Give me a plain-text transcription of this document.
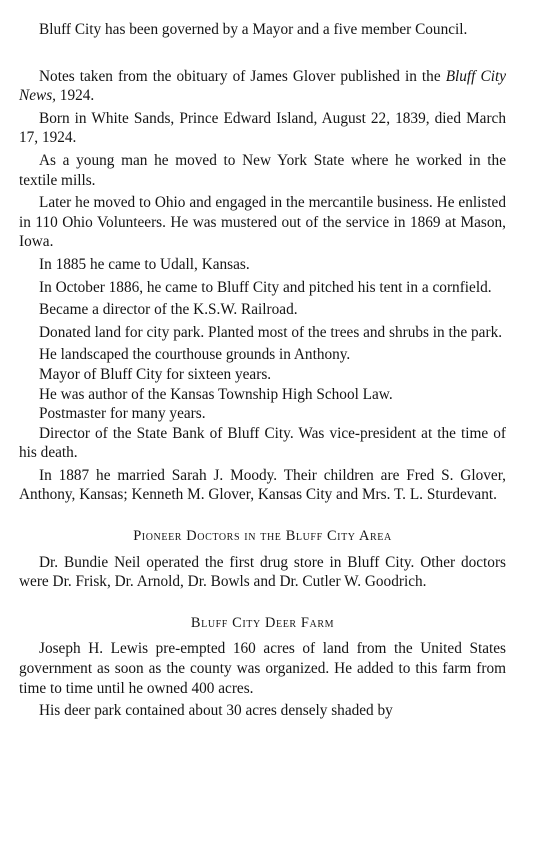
Bluff City has been governed by a Mayor and a five member Council.

Notes taken from the obituary of James Glover published in the Bluff City News, 1924.

Born in White Sands, Prince Edward Island, August 22, 1839, died March 17, 1924.

As a young man he moved to New York State where he worked in the textile mills.

Later he moved to Ohio and engaged in the mercantile business. He enlisted in 110 Ohio Volunteers. He was mustered out of the service in 1869 at Mason, Iowa.

In 1885 he came to Udall, Kansas.

In October 1886, he came to Bluff City and pitched his tent in a cornfield.

Became a director of the K.S.W. Railroad.

Donated land for city park. Planted most of the trees and shrubs in the park.

He landscaped the courthouse grounds in Anthony.

Mayor of Bluff City for sixteen years.

He was author of the Kansas Township High School Law.

Postmaster for many years.

Director of the State Bank of Bluff City. Was vice-president at the time of his death.

In 1887 he married Sarah J. Moody. Their children are Fred S. Glover, Anthony, Kansas; Kenneth M. Glover, Kansas City and Mrs. T. L. Sturdevant.

Pioneer Doctors in the Bluff City Area

Dr. Bundie Neil operated the first drug store in Bluff City. Other doctors were Dr. Frisk, Dr. Arnold, Dr. Bowls and Dr. Cutler W. Goodrich.

Bluff City Deer Farm

Joseph H. Lewis pre-empted 160 acres of land from the United States government as soon as the county was organized. He added to this farm from time to time until he owned 400 acres.

His deer park contained about 30 acres densely shaded by
